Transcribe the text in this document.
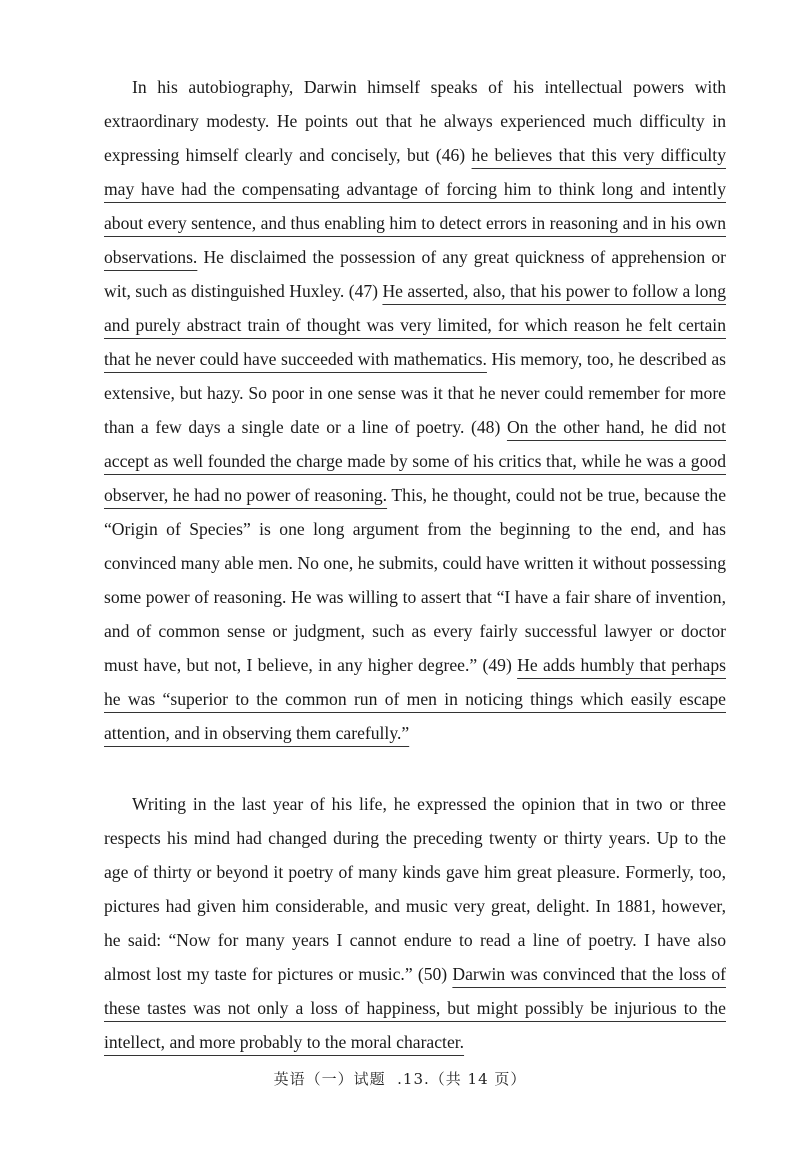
In his autobiography, Darwin himself speaks of his intellectual powers with extraordinary modesty. He points out that he always experienced much difficulty in expressing himself clearly and concisely, but (46) he believes that this very difficulty may have had the compensating advantage of forcing him to think long and intently about every sentence, and thus enabling him to detect errors in reasoning and in his own observations. He disclaimed the possession of any great quickness of apprehension or wit, such as distinguished Huxley. (47) He asserted, also, that his power to follow a long and purely abstract train of thought was very limited, for which reason he felt certain that he never could have succeeded with mathematics. His memory, too, he described as extensive, but hazy. So poor in one sense was it that he never could remember for more than a few days a single date or a line of poetry. (48) On the other hand, he did not accept as well founded the charge made by some of his critics that, while he was a good observer, he had no power of reasoning. This, he thought, could not be true, because the “Origin of Species” is one long argument from the beginning to the end, and has convinced many able men. No one, he submits, could have written it without possessing some power of reasoning. He was willing to assert that “I have a fair share of invention, and of common sense or judgment, such as every fairly successful lawyer or doctor must have, but not, I believe, in any higher degree.” (49) He adds humbly that perhaps he was “superior to the common run of men in noticing things which easily escape attention, and in observing them carefully.”

Writing in the last year of his life, he expressed the opinion that in two or three respects his mind had changed during the preceding twenty or thirty years. Up to the age of thirty or beyond it poetry of many kinds gave him great pleasure. Formerly, too, pictures had given him considerable, and music very great, delight. In 1881, however, he said: “Now for many years I cannot endure to read a line of poetry. I have also almost lost my taste for pictures or music.” (50) Darwin was convinced that the loss of these tastes was not only a loss of happiness, but might possibly be injurious to the intellect, and more probably to the moral character.

英语（一）试题 .13.（共 14 页）
